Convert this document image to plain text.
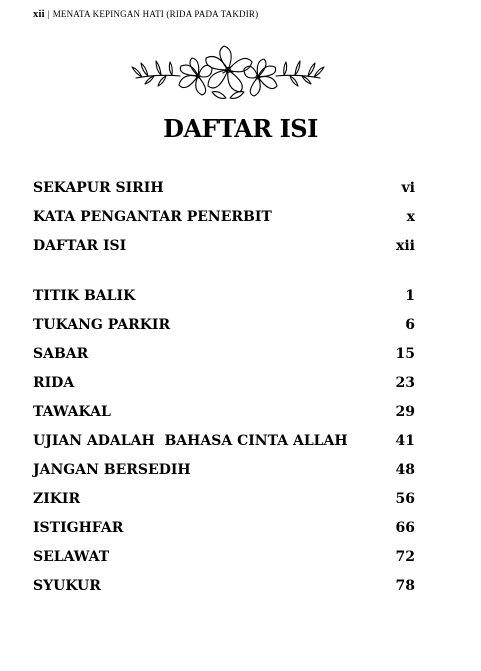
xii | MENATA KEPINGAN HATI (RIDA PADA TAKDIR)
DAFTAR ISI
SEKAPUR SIRIH	vi
KATA PENGANTAR PENERBIT	x
DAFTAR ISI	xii
TITIK BALIK	1
TUKANG PARKIR	6
SABAR	15
RIDA	23
TAWAKAL	29
UJIAN ADALAH  BAHASA CINTA ALLAH	41
JANGAN BERSEDIH	48
ZIKIR	56
ISTIGHFAR	66
SELAWAT	72
SYUKUR	78
